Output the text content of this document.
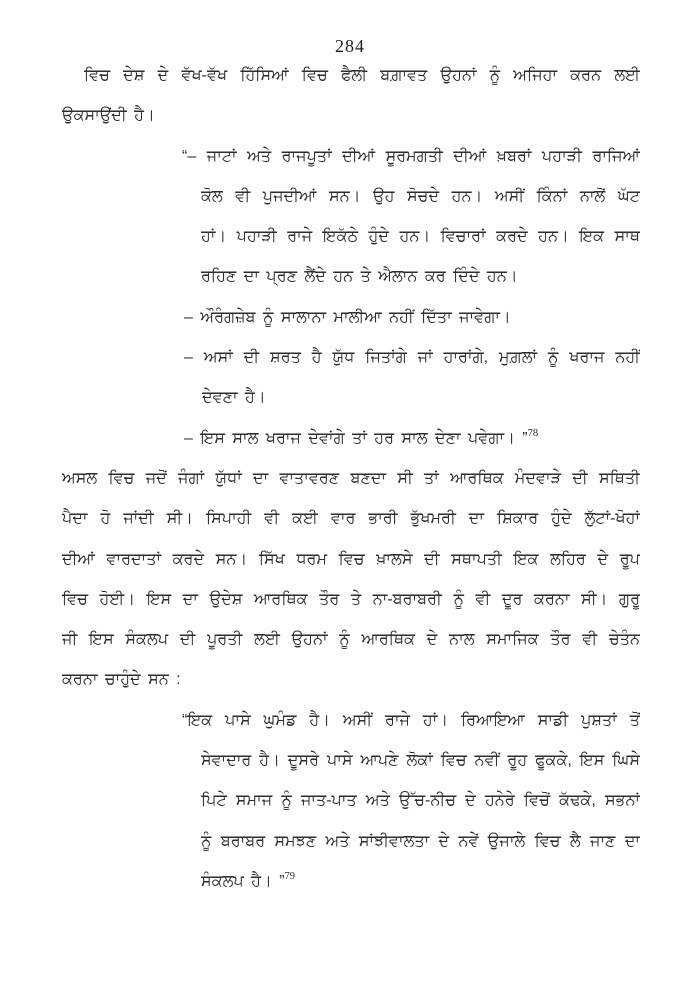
284
ਵਿਚ ਦੇਸ਼ ਦੇ ਵੱਖ-ਵੱਖ ਹਿੱਸਿਆਂ ਵਿਚ ਫੈਲੀ ਬਗ਼ਾਵਤ ਉਹਨਾਂ ਨੂੰ ਅਜਿਹਾ ਕਰਨ ਲਈ
ਉਕਸਾਉਂਦੀ ਹੈ।
“– ਜਾਟਾਂ ਅਤੇ ਰਾਜਪੂਤਾਂ ਦੀਆਂ ਸੂਰਮਗਤੀ ਦੀਆਂ ਖ਼ਬਰਾਂ ਪਹਾੜੀ ਰਾਜਿਆਂ
ਕੋਲ ਵੀ ਪੁਜਦੀਆਂ ਸਨ। ਉਹ ਸੋਚਦੇ ਹਨ। ਅਸੀਂ ਕਿੰਨਾਂ ਨਾਲੋਂ ਘੱਟ
ਹਾਂ। ਪਹਾੜੀ ਰਾਜੇ ਇਕੱਠੇ ਹੁੰਦੇ ਹਨ। ਵਿਚਾਰਾਂ ਕਰਦੇ ਹਨ। ਇਕ ਸਾਥ
ਰਹਿਣ ਦਾ ਪ੍ਰਣ ਲੈਂਦੇ ਹਨ ਤੇ ਐਲਾਨ ਕਰ ਦਿੰਦੇ ਹਨ।
– ਔਰੰਗਜ਼ੇਬ ਨੂੰ ਸਾਲਾਨਾ ਮਾਲੀਆ ਨਹੀਂ ਦਿੱਤਾ ਜਾਵੇਗਾ।
– ਅਸਾਂ ਦੀ ਸ਼ਰਤ ਹੈ ਯੁੱਧ ਜਿਤਾਂਗੇ ਜਾਂ ਹਾਰਾਂਗੇ, ਮੁਗ਼ਲਾਂ ਨੂੰ ਖਰਾਜ ਨਹੀਂ
ਦੇਵਣਾ ਹੈ।
– ਇਸ ਸਾਲ ਖਰਾਜ ਦੇਵਾਂਗੇ ਤਾਂ ਹਰ ਸਾਲ ਦੇਣਾ ਪਵੇਗਾ। ”$^{78}$
ਅਸਲ ਵਿਚ ਜਦੋਂ ਜੰਗਾਂ ਯੁੱਧਾਂ ਦਾ ਵਾਤਾਵਰਣ ਬਣਦਾ ਸੀ ਤਾਂ ਆਰਥਿਕ ਮੰਦਵਾੜੇ ਦੀ ਸਥਿਤੀ
ਪੈਦਾ ਹੋ ਜਾਂਦੀ ਸੀ। ਸਿਪਾਹੀ ਵੀ ਕਈ ਵਾਰ ਭਾਰੀ ਭੁੱਖਮਰੀ ਦਾ ਸ਼ਿਕਾਰ ਹੁੰਦੇ ਲੁੱਟਾਂ-ਖੋਹਾਂ
ਦੀਆਂ ਵਾਰਦਾਤਾਂ ਕਰਦੇ ਸਨ। ਸਿੱਖ ਧਰਮ ਵਿਚ ਖ਼ਾਲਸੇ ਦੀ ਸਥਾਪਤੀ ਇਕ ਲਹਿਰ ਦੇ ਰੂਪ
ਵਿਚ ਹੋਈ। ਇਸ ਦਾ ਉਦੇਸ਼ ਆਰਥਿਕ ਤੌਰ ਤੇ ਨਾ-ਬਰਾਬਰੀ ਨੂੰ ਵੀ ਦੂਰ ਕਰਨਾ ਸੀ। ਗੁਰੂ
ਜੀ ਇਸ ਸੰਕਲਪ ਦੀ ਪੂਰਤੀ ਲਈ ਉਹਨਾਂ ਨੂੰ ਆਰਥਿਕ ਦੇ ਨਾਲ ਸਮਾਜਿਕ ਤੌਰ ਵੀ ਚੇਤੰਨ
ਕਰਨਾ ਚਾਹੁੰਦੇ ਸਨ :
“ਇਕ ਪਾਸੇ ਘੁਮੰਡ ਹੈ। ਅਸੀਂ ਰਾਜੇ ਹਾਂ। ਰਿਆਇਆ ਸਾਡੀ ਪੁਸ਼ਤਾਂ ਤੋਂ
ਸੇਵਾਦਾਰ ਹੈ। ਦੂਸਰੇ ਪਾਸੇ ਆਪਣੇ ਲੋਕਾਂ ਵਿਚ ਨਵੀਂ ਰੂਹ ਫੂਕਕੇ, ਇਸ ਘਿਸੇ
ਪਿਟੇ ਸਮਾਜ ਨੂੰ ਜਾਤ-ਪਾਤ ਅਤੇ ਉੱਚ-ਨੀਚ ਦੇ ਹਨੇਰੇ ਵਿਚੋਂ ਕੱਢਕੇ, ਸਭਨਾਂ
ਨੂੰ ਬਰਾਬਰ ਸਮਝਣ ਅਤੇ ਸਾਂਝੀਵਾਲਤਾ ਦੇ ਨਵੇਂ ਉਜਾਲੇ ਵਿਚ ਲੈ ਜਾਣ ਦਾ
ਸੰਕਲਪ ਹੈ। ”$^{79}$
